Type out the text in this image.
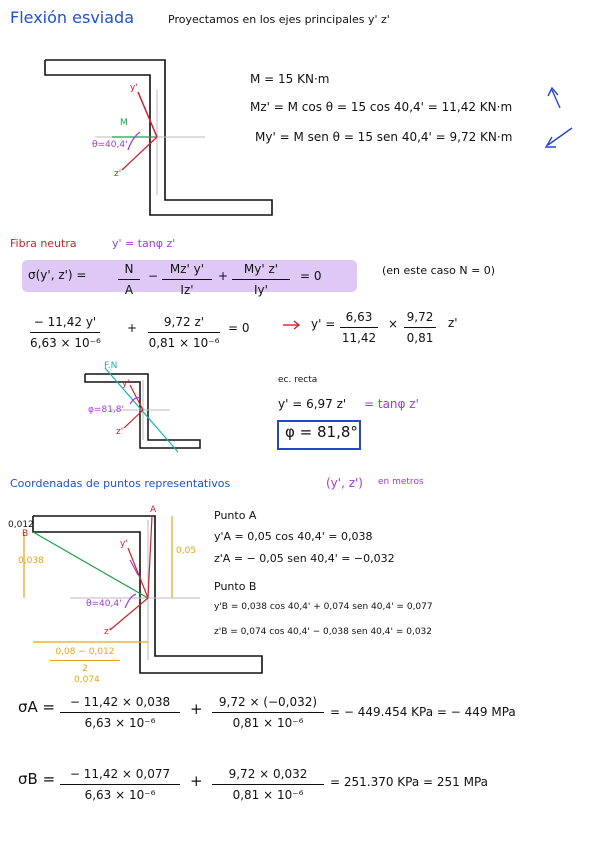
Flexión esviada	Proyectamos en los ejes principales y' z'
y'
z'
M
θ=40,4'
M = 15 KN·m
Mz' = M cos θ = 15 cos 40,4' = 11,42 KN·m
My' = M sen θ = 15 sen 40,4' = 9,72 KN·m
Fibra neutra	y' = tanφ z'
σ(y', z') =	N
A
− Mz' y'
Iz'
+	My' z'
Iy'
= 0	(en este caso N = 0)
− 11,42 y'
6,63 × 10⁻⁶
+	9,72 z'
0,81 × 10⁻⁶
= 0	y' = 6,63
11,42
× 9,72
0,81
z'
F.N
φ=81,8'
y'
z'
ec. recta
y' = 6,97 z' = tanφ z'
φ = 81,8°
Coordenadas de puntos representativos	(y', z') en metros
0,012
B
A
0,038
0,05
θ=40,4'
y'
z'
0,08 − 0,012
2
0,074
Punto A
y'A = 0,05 cos 40,4' = 0,038
z'A = − 0,05 sen 40,4' = −0,032
Punto B
y'B = 0,038 cos 40,4' + 0,074 sen 40,4' = 0,077
z'B = 0,074 cos 40,4' − 0,038 sen 40,4' = 0,032
σA =	− 11,42 × 0,038
6,63 × 10⁻⁶
+	9,72 × (−0,032)
0,81 × 10⁻⁶
= − 449.454 KPa = − 449 MPa
σB =	− 11,42 × 0,077
6,63 × 10⁻⁶
+	9,72 × 0,032
0,81 × 10⁻⁶
= 251.370 KPa = 251 MPa
